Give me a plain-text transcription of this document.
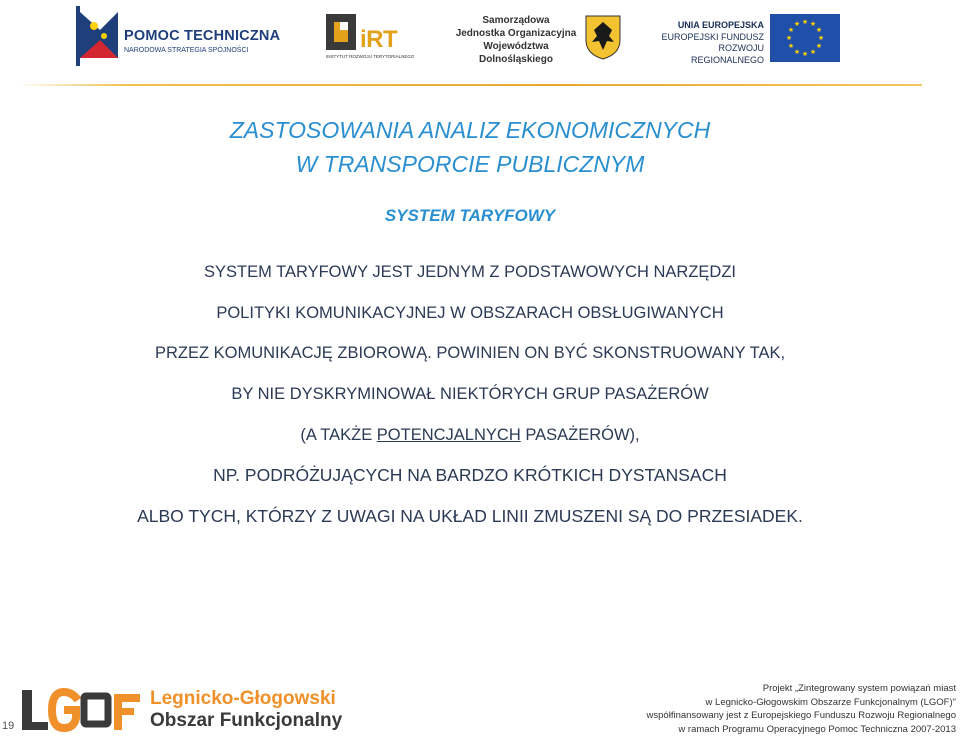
POMOC TECHNICZNA
NARODOWA STRATEGIA SPÓJNOŚCI	iRT
INSTYTUT ROZWOJU TERYTORIALNEGO
Samorządowa
Jednostka Organizacyjna
Województwa Dolnośląskiego
UNIA EUROPEJSKA
EUROPEJSKI FUNDUSZ
ROZWOJU REGIONALNEGO
★ ★
★
★
★
★
★
★
★
★
★
★
ZASTOSOWANIA ANALIZ EKONOMICZNYCH
W TRANSPORCIE PUBLICZNYM
SYSTEM TARYFOWY
SYSTEM TARYFOWY JEST JEDNYM Z PODSTAWOWYCH NARZĘDZI
POLITYKI KOMUNIKACYJNEJ W OBSZARACH OBSŁUGIWANYCH
PRZEZ KOMUNIKACJĘ ZBIOROWĄ. POWINIEN ON BYĆ SKONSTRUOWANY TAK,
BY NIE DYSKRYMINOWAŁ NIEKTÓRYCH GRUP PASAŻERÓW
(A TAKŻE POTENCJALNYCH PASAŻERÓW),
NP. PODRÓŻUJĄCYCH NA BARDZO KRÓTKICH DYSTANSACH
ALBO TYCH, KTÓRZY Z UWAGI NA UKŁAD LINII ZMUSZENI SĄ DO PRZESIADEK.
19
Legnicko-Głogowski
Obszar Funkcjonalny
Projekt „Zintegrowany system powiązań miast
w Legnicko-Głogowskim Obszarze Funkcjonalnym (LGOF)"
współfinansowany jest z Europejskiego Funduszu Rozwoju Regionalnego
w ramach Programu Operacyjnego Pomoc Techniczna 2007-2013
